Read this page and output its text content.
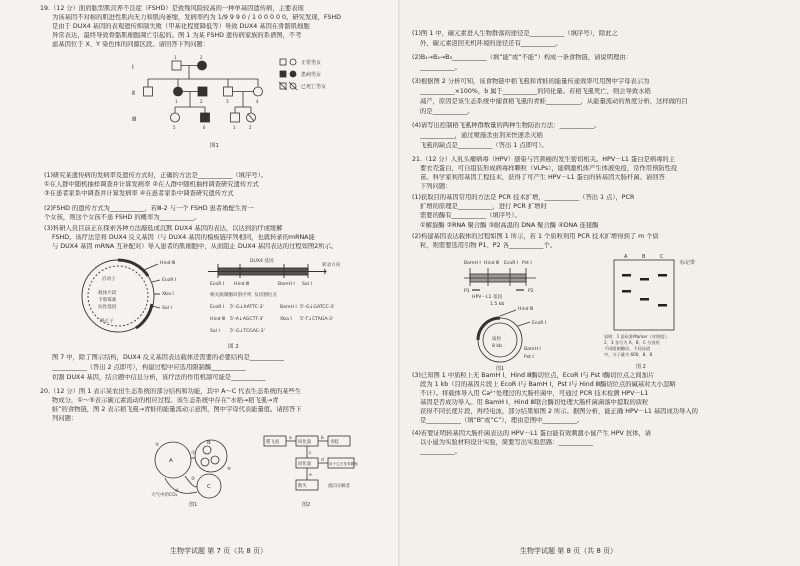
19.（12 分）面肩肱型肌营养不良症（FSHD）是致残风险较高的一种单基因遗传病，主要表现
为该基因不对称的肌进性肌肉无力和肌肉萎缩，发病率约为 1/9 9 9 0 / 1 0 0 0 0 0。研究发现，FSHD
是由于 DUX4 基因的表观遗传抑制失败（甲基化程度降低等）导致 DUX4 基因在骨骼肌细胞
异常表达，最终导致骨骼肌细胞凋亡引起的。图 1 为某 FSHD 遗传病家族的系谱图，不考
虑基因位于 X、Y 染色体的同源区段。请回答下列问题：
Ⅰ
Ⅱ
Ⅲ
正常男女
患病男女
已死亡男女
1	2
1	2	3	4
5	6	1	2
图1
(1)研究某遗传病的发病率及遗传方式时，正确的方法是___________（填序号）。
①在人群中随机抽样调查并计算发病率 ②在人群中随机抽样调查研究遗传方式
③在患者家系中调查并计算发病率 ④在患者家系中调查研究遗传方式
(2)FSHD 的遗传方式为___________，若Ⅲ-2 与一个 FSHD 患者婚配生育一
个女孩，则这个女孩不患 FSHD 的概率为___________。
(3)科研人员目前正在探索各种方法敲低或沉默 DUX4 基因的表达，以达到治疗或缓解
FSHD。该疗法是将 DUX4 反义基因（与 DUX4 基因的模板链序列相同，也就转录的mRNA能
与 DUX4 基因 mRNA 互补配对）导入患者的肌细胞中，从而阻止 DUX4 基因表达的过程如图2所示。
启动子
载体片段
卡那霉素
抗性基因
终止子
Hind Ⅲ
EcoR Ⅰ
Xba Ⅰ
Sal Ⅰ
DUX4 基因
转录方向
EcoR Ⅰ Hind Ⅲ	BamH Ⅰ Sal Ⅰ
相关限制酶识别序列 及切割位点
EcoR Ⅰ 5'-G↓AATTC-3'	BamH Ⅰ 5'-G↓GATCC-3'
Hind Ⅲ 5'-A↓AGCTT-3'	Xba Ⅰ 5'-T↓CTAGA-3'
Sal Ⅰ 5'-G↓TCGAC-3'
图 2
图 7 中，除了图示结构，DUX4 反义基因表达载体还需要的必要结构是___________
___________（答出 2 点即可），构建过程中应选用限制酶___________
切割 DUX4 基因，结合题中信息分析，该疗法的作用机制可能是___________
20.（12 分）图 1 表示某农田生态系统的部分结构和功能，其中 A～C 代表生态系统的某些生
物成分，①～⑤表示碳元素流动的相应过程。该生态系统中存在“水稻→稻飞虱→青
蛙”的食物链，图 2 表示稻飞虱→青蛙的能量流动示意图，图中字母代表能量值。请回答下
列问题：
A
B
C
①
②
③
④
⑤
大气中的CO₂
图1
稻飞虱	同化量
a	b
c
d
e
青蛙
同化量	用于生长发育繁殖
散失	流向分解者
图2
生物学试题 第 7 页（共 8 页）
(1)图 1 中，碳元素进入生物群落的途径是___________（填序号），除此之
外，碳元素返回无机环境的途径还有___________。
(2)B₁→B₂→B₃___________（填“能”或“不能”）构成一条食物链，请说明理由：
___________。
(3)根据图 2 分析可知，该食物链中稻飞虱和青蛙的能量传递效率可用图中字母表示为
___________×100%，b 属于___________的同化量。若稻飞虱死亡，则会导致水稻
减产，原因是该生态系统中捕食稻飞虱的青蛙___________，从能量流动的角度分析，这样做的目
的是___________。
(4)请写出控制稻飞虱种群数量的两种生物防治方法：___________。
___________，通过喷施杀虫剂来快速杀灭稻
飞虱的缺点是___________（答出 1 点即可）。
21.（12 分）人乳头瘤病毒（HPV）感染与宫颈癌的发生密切相关。HPV－L1 蛋白是病毒的主
要衣壳蛋白，可自组装形成病毒样颗粒（VLPs），能刺激机体产生体液免疫，常作用预防性疫
苗。科学家利用基因工程技术，获得了可产生 HPV－L1 蛋白的转基因大肠杆菌。请回答
下列问题：
(1)获取目的基因常用的方法是 PCR 技术扩增，___________（答出 1 点），PCR
扩增的原理是___________，进行 PCR 扩增时
需要的酶有___________（填序号）。
①解旋酶 ②RNA 聚合酶 ③耐高温的 DNA 聚合酶 ④DNA 连接酶
(2)构建基因表达载体的过程如图 1 所示，若 1 个质粒利用 PCR 技术扩增得到了 m 个质
粒，则需要选用引物 P1、P2 各___________个。
BamH Ⅰ Hind Ⅲ EcoR Ⅰ Pst Ⅰ
HPV－L1 基因
1.5 kb
P1	P2
Hind Ⅲ
EcoR Ⅰ
质粒
8 kb
BamH Ⅰ
Pst Ⅰ
图1
A	B	C
标记带
说明：1 是标准Marker（对照组），
2、3 各号为 A、B、C 分别用
不同限制酶切。不同泳道
中，分子量为 600、8、8
图 2
(3)已知图 1 中质粒上无 BamH Ⅰ、Hind Ⅲ酶切位点，EcoR Ⅰ与 Pst Ⅰ酶切位点之间加片
段为 1 kb（目的基因片段上 EcoR Ⅰ与 BamH Ⅰ，Pst Ⅰ与 Hind Ⅲ酶切位点的碱基对大小忽略
不计）。将载体导入用 Ca²⁺处理过的大肠杆菌中，可通过 PCR 技术检测 HPV－L1
基因是否成功导入。用 BamH Ⅰ、Hind Ⅲ联合酶切处理大肠杆菌菌落中提取的质粒
获得不同长度片段，再经电泳，部分结果如图 2 所示。据图分析，能正确 HPV－L1 基因成功导入的
是___________（填“B”或“C”），理由是图中___________。
(4)若要证明转基因大肠杆菌表达的 HPV－L1 蛋白能有效刺激小鼠产生 HPV 抗体，请
以小鼠为实验材料设计实验，简要写出实验思路：___________
___________。
生物学试题 第 8 页（共 8 页）
